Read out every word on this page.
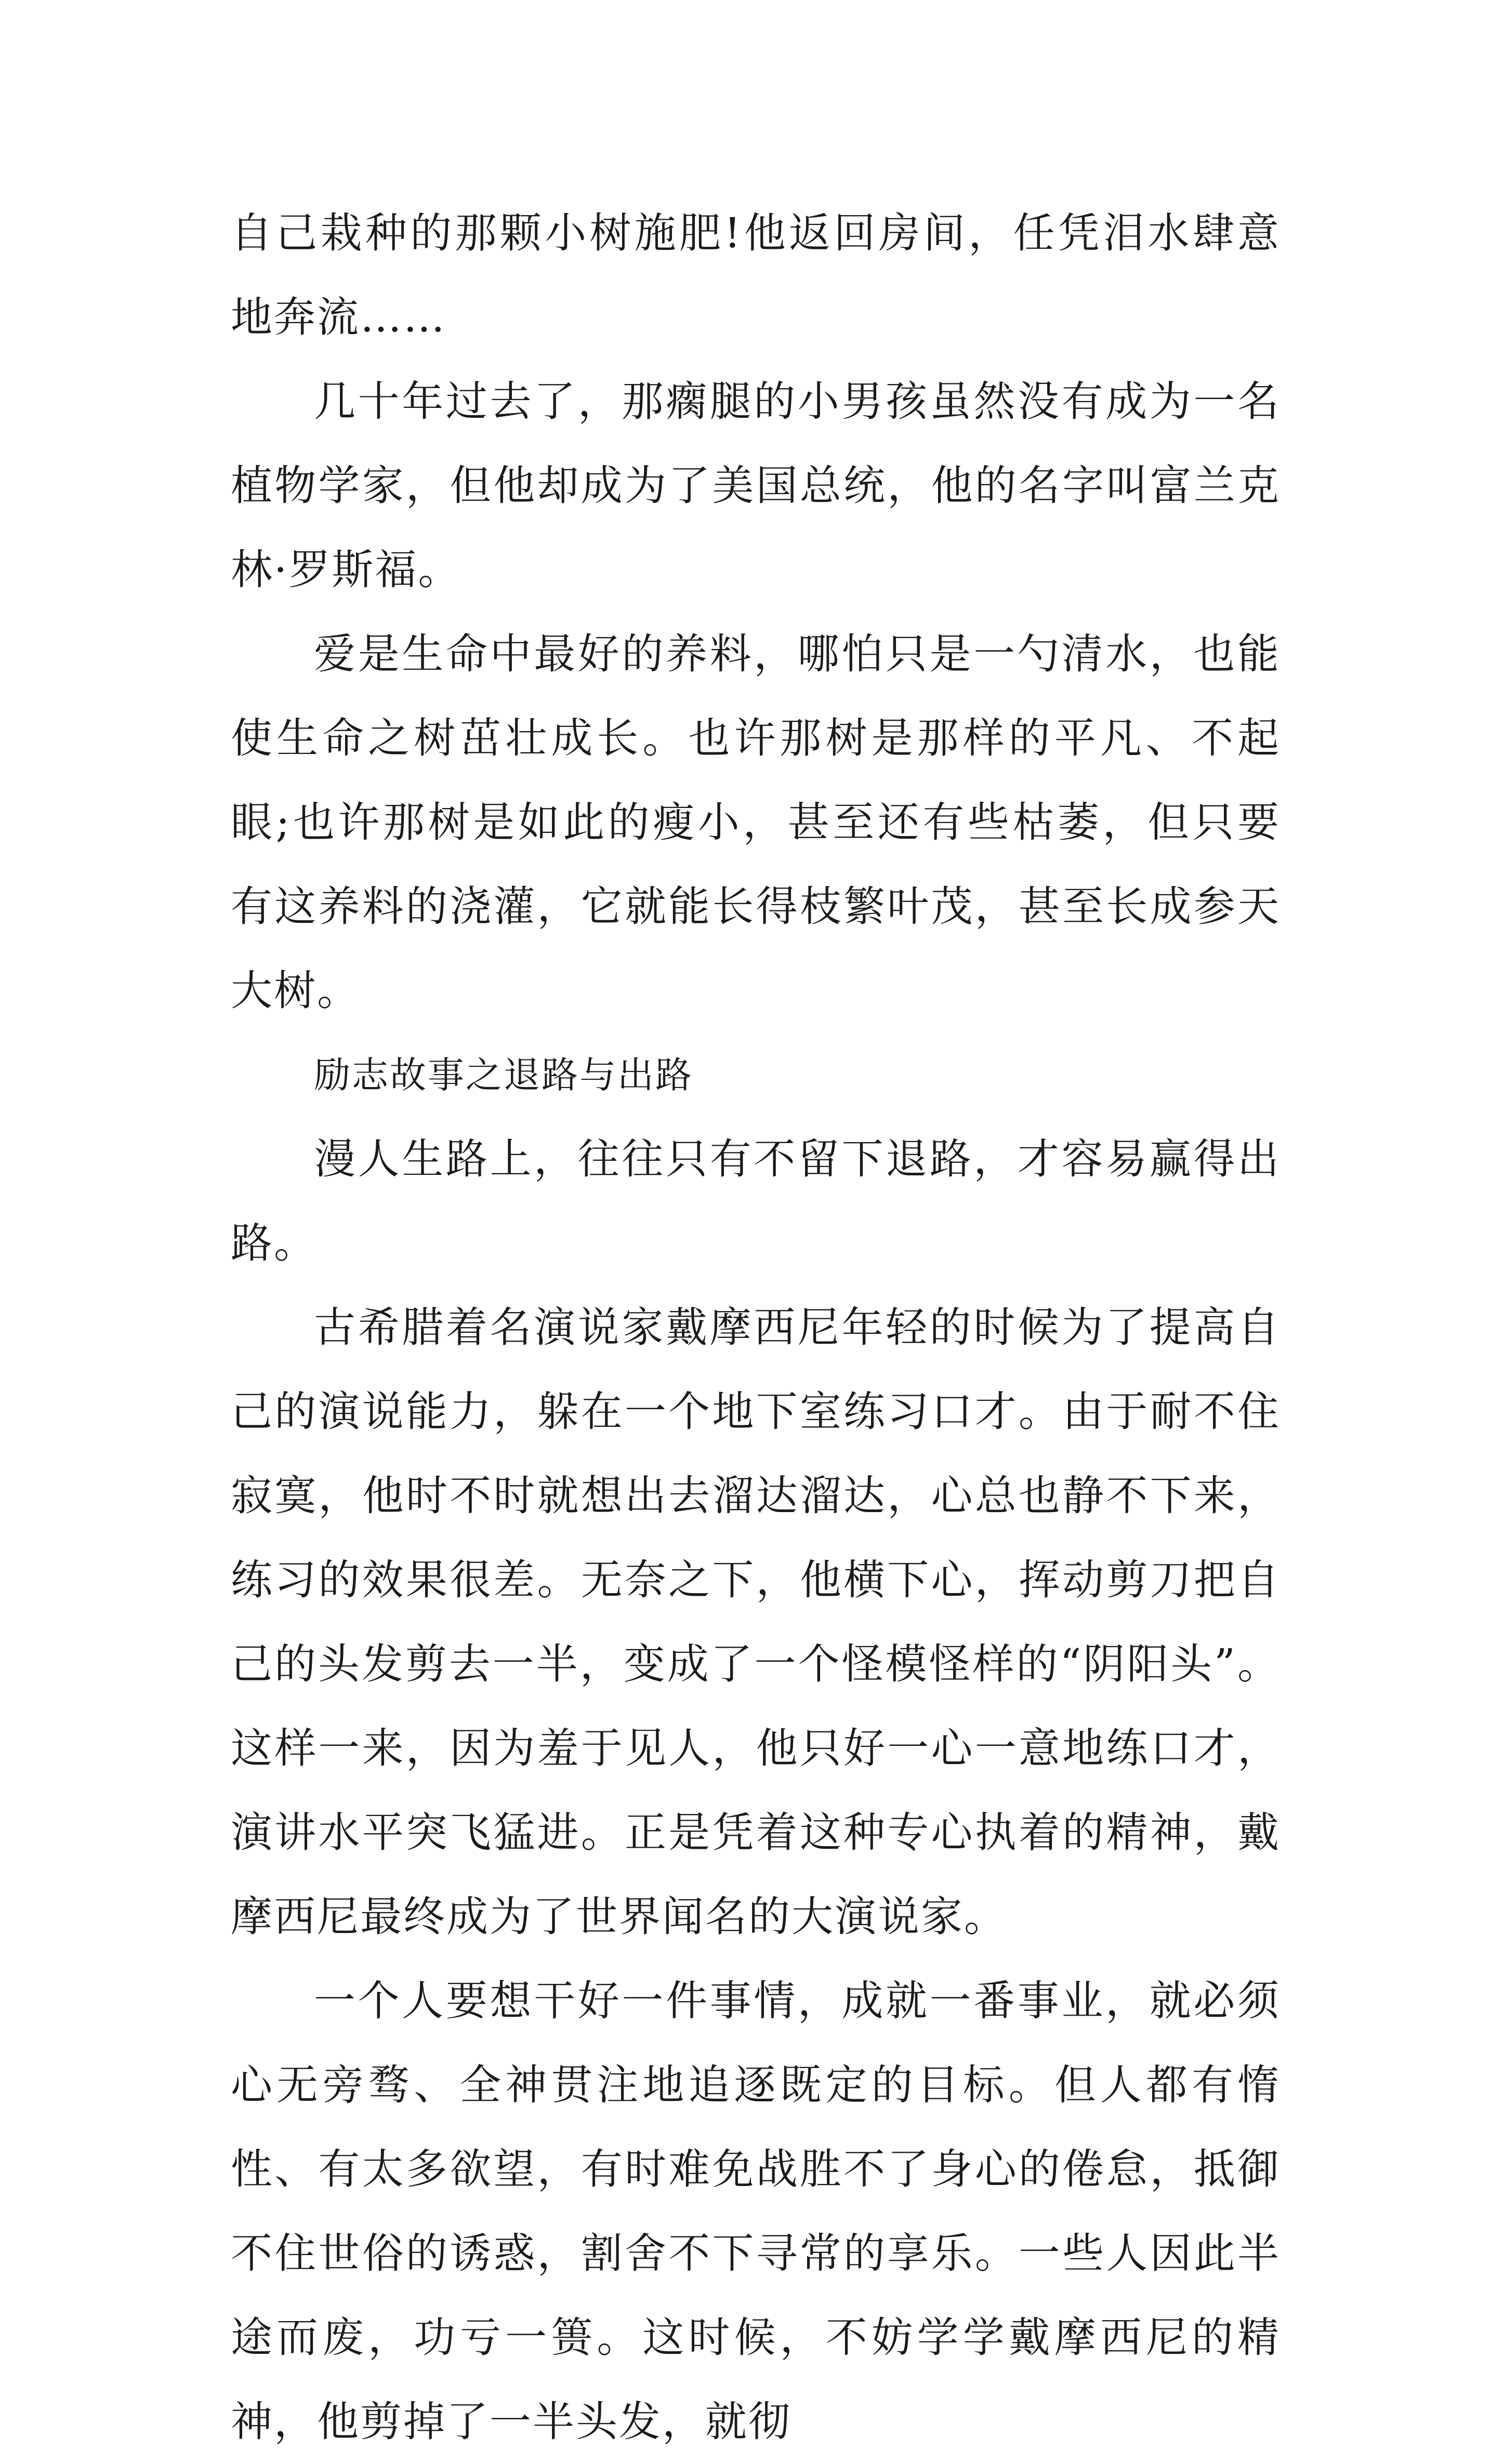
自己栽种的那颗小树施肥!他返回房间，任凭泪水肆意地奔流……

几十年过去了，那瘸腿的小男孩虽然没有成为一名植物学家，但他却成为了美国总统，他的名字叫富兰克林·罗斯福。

爱是生命中最好的养料，哪怕只是一勺清水，也能使生命之树茁壮成长。也许那树是那样的平凡、不起眼;也许那树是如此的瘦小，甚至还有些枯萎，但只要有这养料的浇灌，它就能长得枝繁叶茂，甚至长成参天大树。

励志故事之退路与出路

漫人生路上，往往只有不留下退路，才容易赢得出路。

古希腊着名演说家戴摩西尼年轻的时候为了提高自己的演说能力，躲在一个地下室练习口才。由于耐不住寂寞，他时不时就想出去溜达溜达，心总也静不下来，练习的效果很差。无奈之下，他横下心，挥动剪刀把自己的头发剪去一半，变成了一个怪模怪样的“阴阳头”。这样一来，因为羞于见人，他只好一心一意地练口才，演讲水平突飞猛进。正是凭着这种专心执着的精神，戴摩西尼最终成为了世界闻名的大演说家。

一个人要想干好一件事情，成就一番事业，就必须心无旁骛、全神贯注地追逐既定的目标。但人都有惰性、有太多欲望，有时难免战胜不了身心的倦怠，抵御不住世俗的诱惑，割舍不下寻常的享乐。一些人因此半途而废，功亏一篑。这时候，不妨学学戴摩西尼的精神，他剪掉了一半头发，就彻
